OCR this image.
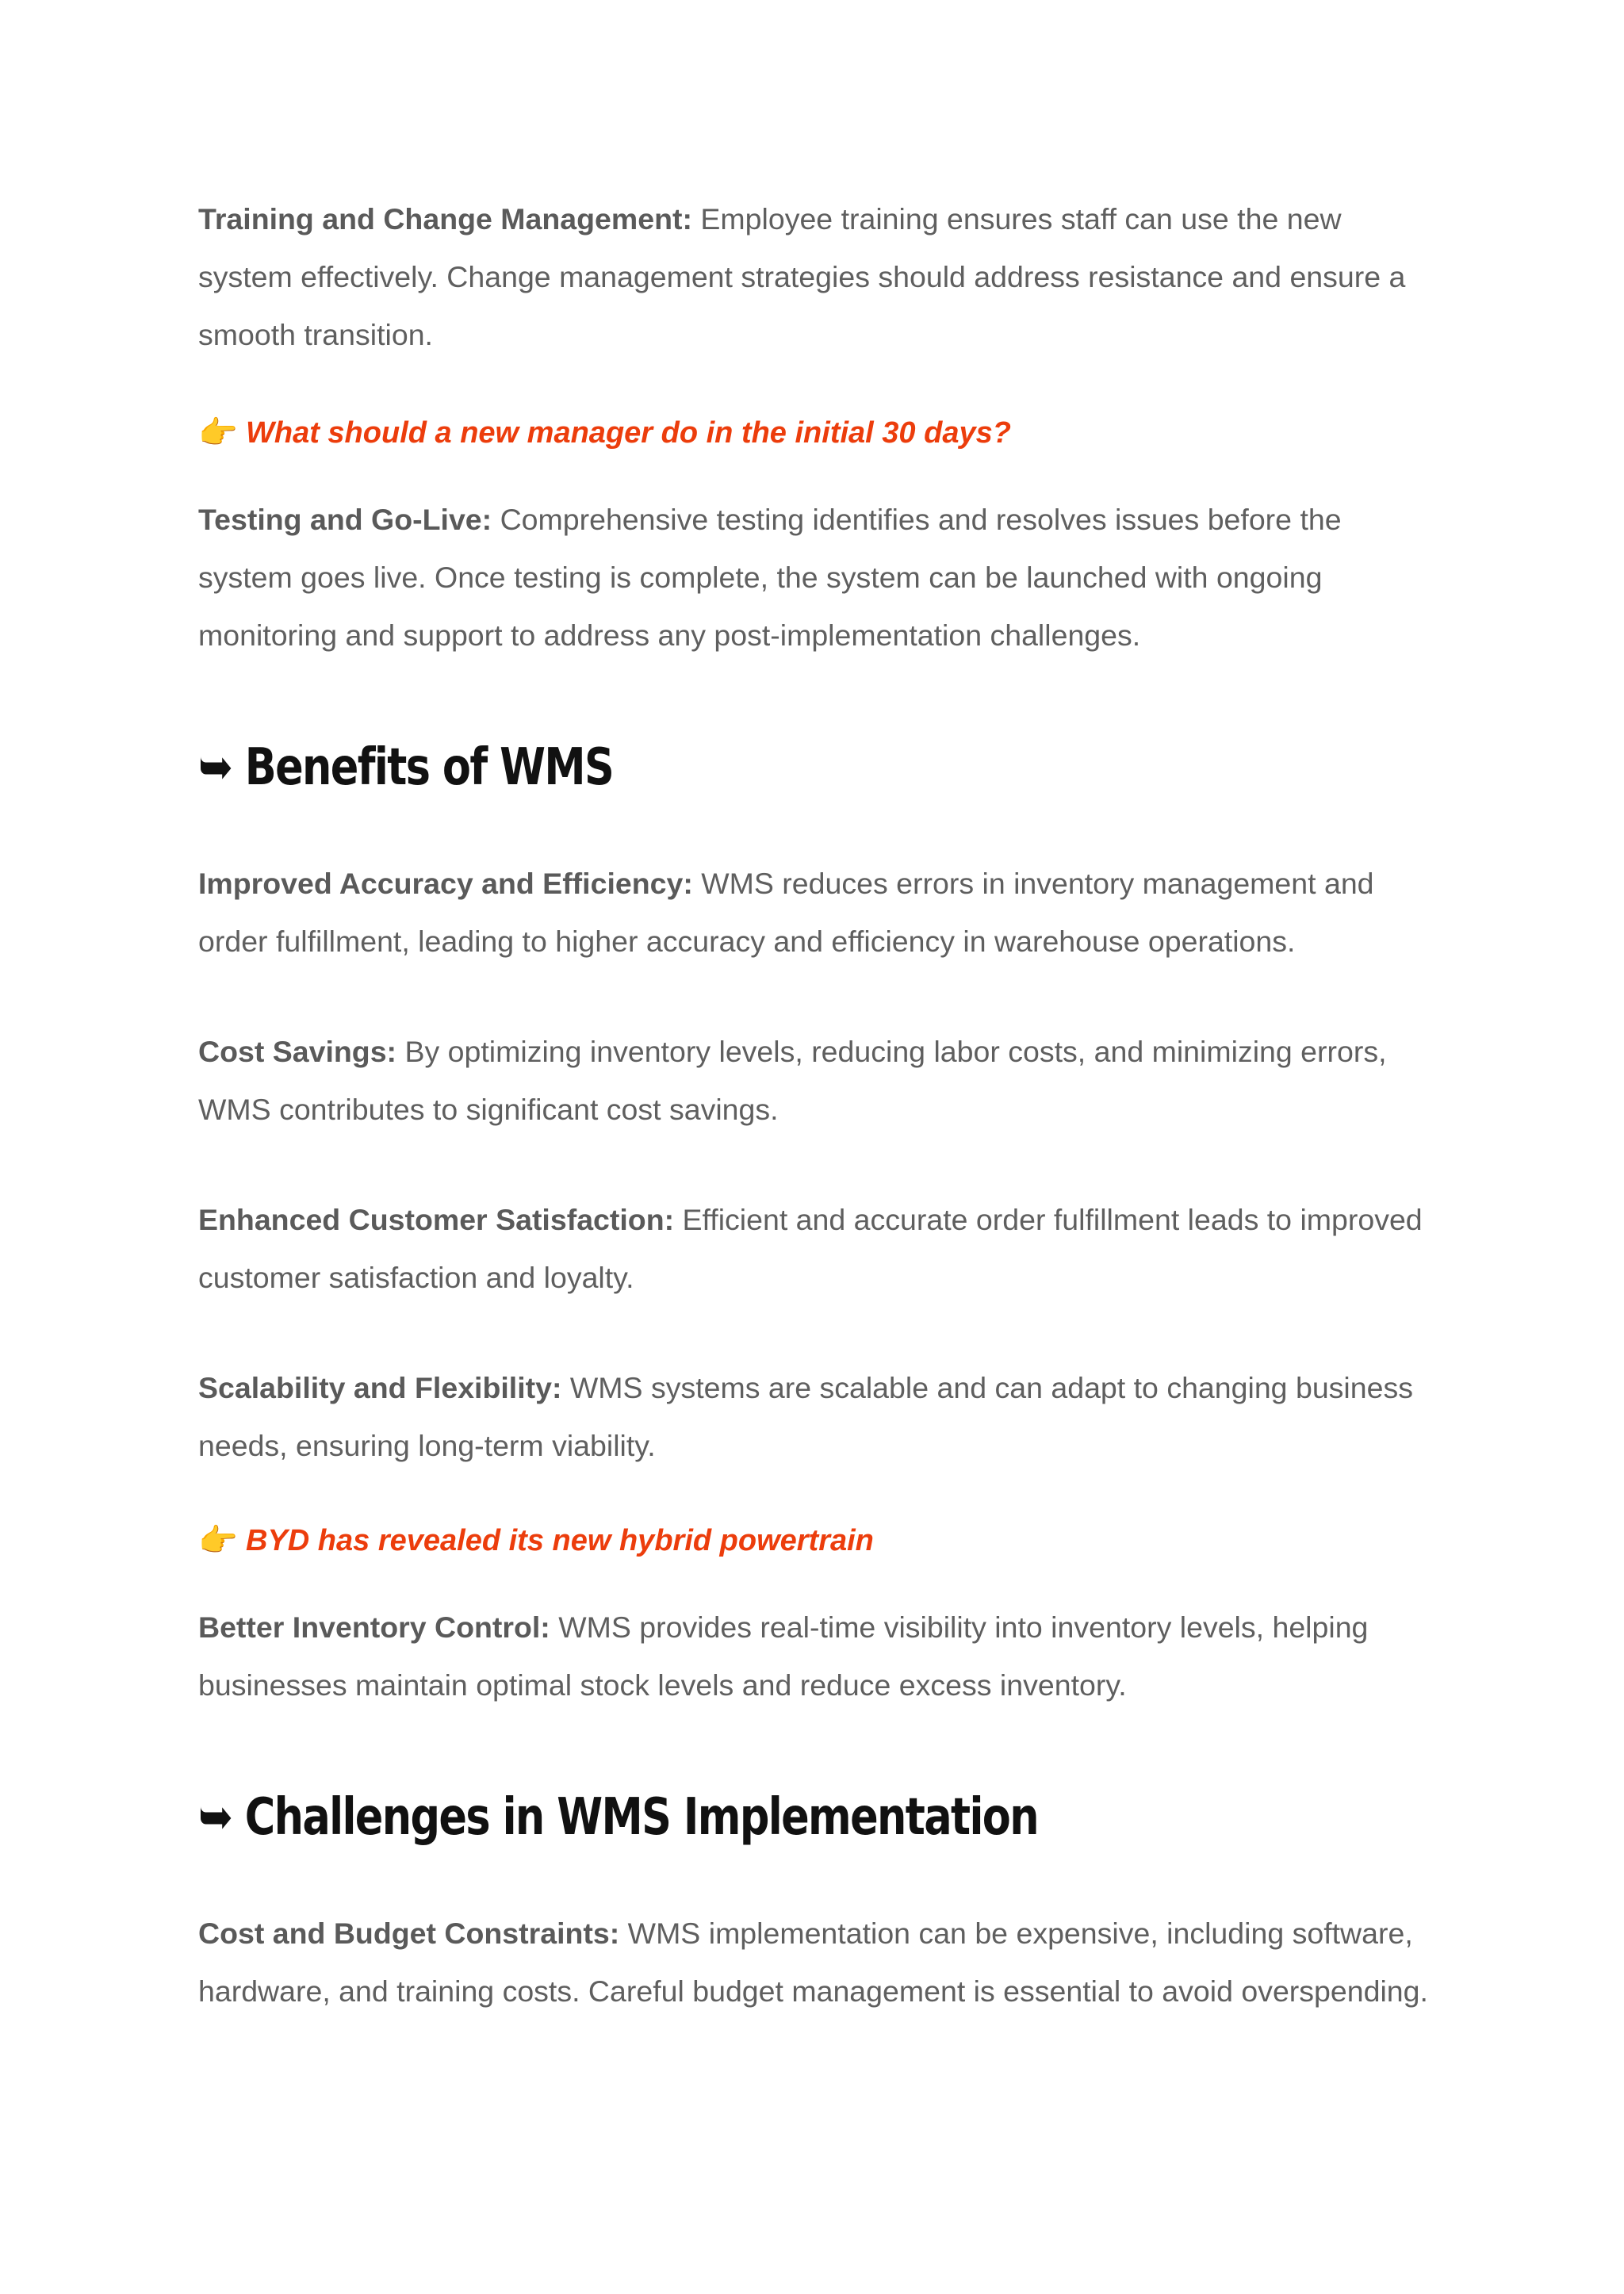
Training and Change Management: Employee training ensures staff can use the new system effectively. Change management strategies should address resistance and ensure a smooth transition.

👉 What should a new manager do in the initial 30 days?

Testing and Go-Live: Comprehensive testing identifies and resolves issues before the system goes live. Once testing is complete, the system can be launched with ongoing monitoring and support to address any post-implementation challenges.

➥ Benefits of WMS

Improved Accuracy and Efficiency: WMS reduces errors in inventory management and order fulfillment, leading to higher accuracy and efficiency in warehouse operations.

Cost Savings: By optimizing inventory levels, reducing labor costs, and minimizing errors, WMS contributes to significant cost savings.

Enhanced Customer Satisfaction: Efficient and accurate order fulfillment leads to improved customer satisfaction and loyalty.

Scalability and Flexibility: WMS systems are scalable and can adapt to changing business needs, ensuring long-term viability.

👉 BYD has revealed its new hybrid powertrain

Better Inventory Control: WMS provides real-time visibility into inventory levels, helping businesses maintain optimal stock levels and reduce excess inventory.

➥ Challenges in WMS Implementation

Cost and Budget Constraints: WMS implementation can be expensive, including software, hardware, and training costs. Careful budget management is essential to avoid overspending.
